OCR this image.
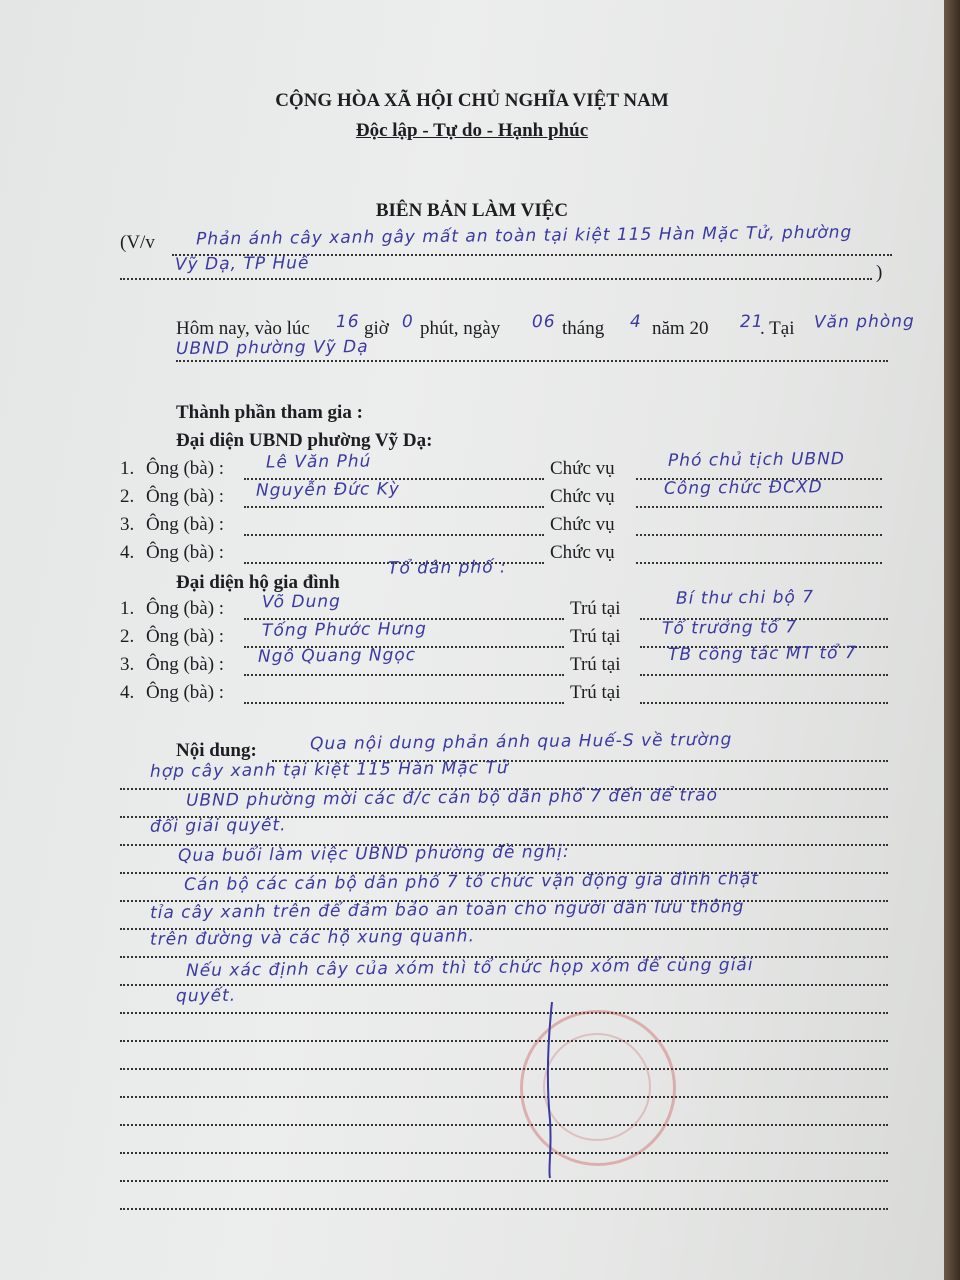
CỘNG HÒA XÃ HỘI CHỦ NGHĨA VIỆT NAM
Độc lập - Tự do - Hạnh phúc
BIÊN BẢN LÀM VIỆC
(V/v Phản ánh cây xanh gây mất an toàn tại kiệt 115 Hàn Mặc Tử, phường
Vỹ Dạ, TP Huế	)
Hôm nay, vào lúc 16 giờ 0 phút, ngày 06 tháng 4 năm 20 21
. Tại Văn phòng
UBND phường Vỹ Dạ
Thành phần tham gia :
Đại diện UBND phường Vỹ Dạ:
1. Ông (bà) : Lê Văn Phú	Chức vụ	Phó chủ tịch UBND
2. Ông (bà) : Nguyễn Đức Kỳ	Chức vụ	Công chức ĐCXD
3. Ông (bà) :	Chức vụ
4. Ông (bà) :	Chức vụ
Đại diện hộ gia đình
Tổ dân phố :
1. Ông (bà) : Võ Dung	Trú tại	Bí thư chi bộ 7
2. Ông (bà) : Tống Phước Hưng	Trú tại Tổ trưởng tổ 7
3. Ông (bà) : Ngô Quang Ngọc	Trú tại	TB công tác MT tổ 7
4. Ông (bà) :	Trú tại
Nội dung:	Qua nội dung phản ánh qua Huế-S về trường
hợp cây xanh tại kiệt 115 Hàn Mặc Tử
UBND phường mời các đ/c cán bộ dân phố 7 đến để trao
đổi giải quyết.
Qua buổi làm việc UBND phường đề nghị:
Cán bộ các cán bộ dân phố 7 tổ chức vận động gia đình chặt
tỉa cây xanh trên để đảm bảo an toàn cho người dân lưu thông
trên đường và các hộ xung quanh.
Nếu xác định cây của xóm thì tổ chức họp xóm để cùng giải
quyết.
